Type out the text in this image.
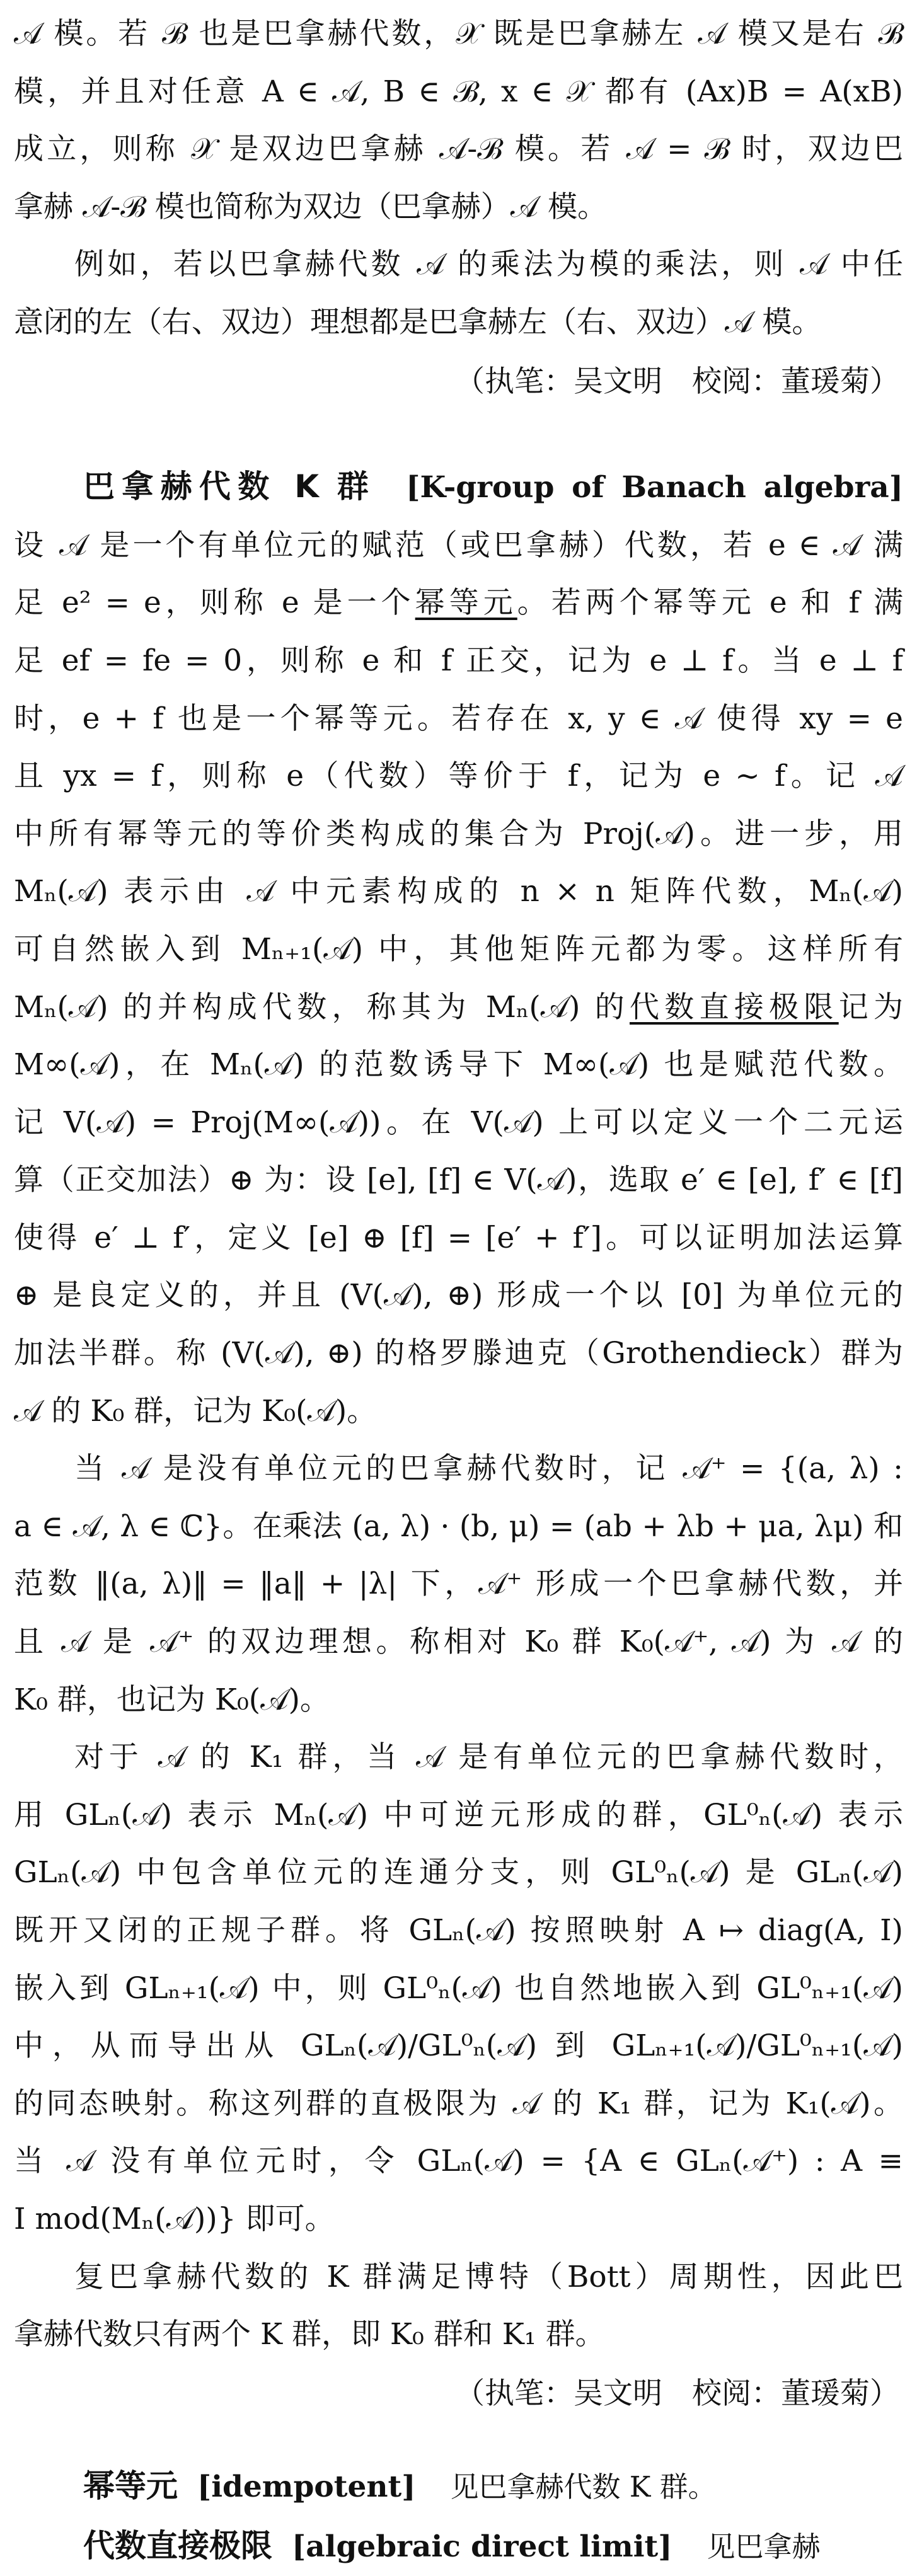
𝒜 模。若 ℬ 也是巴拿赫代数，𝒳 既是巴拿赫左 𝒜 模又是右 ℬ
模，并且对任意 A ∈ 𝒜, B ∈ ℬ, x ∈ 𝒳 都有 (Ax)B = A(xB)
成立，则称 𝒳 是双边巴拿赫 𝒜-ℬ 模。若 𝒜 = ℬ 时，双边巴
拿赫 𝒜-ℬ 模也简称为双边（巴拿赫）𝒜 模。
例如，若以巴拿赫代数 𝒜 的乘法为模的乘法，则 𝒜 中任
意闭的左（右、双边）理想都是巴拿赫左（右、双边）𝒜 模。
（执笔：吴文明　校阅：董瑗菊）
巴拿赫代数 K 群 [K-group of Banach algebra]
设 𝒜 是一个有单位元的赋范（或巴拿赫）代数，若 e ∈ 𝒜 满
足 e² = e，则称 e 是一个幂等元。若两个幂等元 e 和 f 满
足 ef = fe = 0，则称 e 和 f 正交，记为 e ⊥ f。当 e ⊥ f
时，e + f 也是一个幂等元。若存在 x, y ∈ 𝒜 使得 xy = e
且 yx = f，则称 e（代数）等价于 f，记为 e ∼ f。记 𝒜
中所有幂等元的等价类构成的集合为 Proj(𝒜)。进一步，用
Mₙ(𝒜) 表示由 𝒜 中元素构成的 n × n 矩阵代数，Mₙ(𝒜)
可自然嵌入到 Mₙ₊₁(𝒜) 中，其他矩阵元都为零。这样所有
Mₙ(𝒜) 的并构成代数，称其为 Mₙ(𝒜) 的代数直接极限记为
M∞(𝒜)，在 Mₙ(𝒜) 的范数诱导下 M∞(𝒜) 也是赋范代数。
记 V(𝒜) = Proj(M∞(𝒜))。在 V(𝒜) 上可以定义一个二元运
算（正交加法）⊕ 为：设 [e], [f] ∈ V(𝒜)，选取 e′ ∈ [e], f′ ∈ [f]
使得 e′ ⊥ f′，定义 [e] ⊕ [f] = [e′ + f′]。可以证明加法运算
⊕ 是良定义的，并且 (V(𝒜), ⊕) 形成一个以 [0] 为单位元的
加法半群。称 (V(𝒜), ⊕) 的格罗滕迪克（Grothendieck）群为
𝒜 的 K₀ 群，记为 K₀(𝒜)。
当 𝒜 是没有单位元的巴拿赫代数时，记 𝒜⁺ = {(a, λ) :
a ∈ 𝒜, λ ∈ ℂ}。在乘法 (a, λ) · (b, μ) = (ab + λb + μa, λμ) 和
范数 ‖(a, λ)‖ = ‖a‖ + |λ| 下，𝒜⁺ 形成一个巴拿赫代数，并
且 𝒜 是 𝒜⁺ 的双边理想。称相对 K₀ 群 K₀(𝒜⁺, 𝒜) 为 𝒜 的
K₀ 群，也记为 K₀(𝒜)。
对于 𝒜 的 K₁ 群，当 𝒜 是有单位元的巴拿赫代数时，
用 GLₙ(𝒜) 表示 Mₙ(𝒜) 中可逆元形成的群，GL⁰ₙ(𝒜) 表示
GLₙ(𝒜) 中包含单位元的连通分支，则 GL⁰ₙ(𝒜) 是 GLₙ(𝒜)
既开又闭的正规子群。将 GLₙ(𝒜) 按照映射 A ↦ diag(A, I)
嵌入到 GLₙ₊₁(𝒜) 中，则 GL⁰ₙ(𝒜) 也自然地嵌入到 GL⁰ₙ₊₁(𝒜)
中，从而导出从 GLₙ(𝒜)/GL⁰ₙ(𝒜) 到 GLₙ₊₁(𝒜)/GL⁰ₙ₊₁(𝒜)
的同态映射。称这列群的直极限为 𝒜 的 K₁ 群，记为 K₁(𝒜)。
当 𝒜 没有单位元时，令 GLₙ(𝒜) = {A ∈ GLₙ(𝒜⁺) : A ≡
I mod(Mₙ(𝒜))} 即可。
复巴拿赫代数的 K 群满足博特（Bott）周期性，因此巴
拿赫代数只有两个 K 群，即 K₀ 群和 K₁ 群。
（执笔：吴文明　校阅：董瑗菊）
幂等元 [idempotent] 见巴拿赫代数 K 群。
代数直接极限 [algebraic direct limit] 见巴拿赫
